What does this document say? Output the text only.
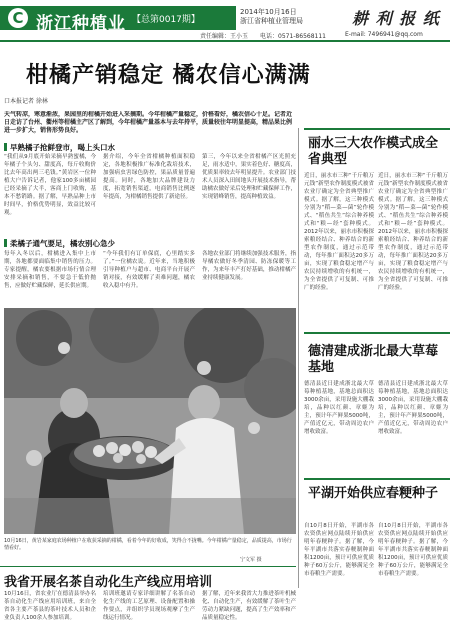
C 浙江种植业 【总第0017期】
2014年10月16日
浙江省种植业管理局	耕 利 报 纸
责任编辑：王小玉 电话：0571-86568111	E-mail: 7496941@qq.com
柑橘产销稳定 橘农信心满满
口本报记者 徐林
天气转凉，寒意渐浓，果园里的柑橘开始进入采摘期。今年柑橘产量稳定，价格看好，橘农信心十足。记者近日走访了台州、衢州等柑橘主产区了解到，今年柑橘产量基本与去年持平，质量较往年明显提高，精品果比例进一步扩大，销售形势良好。
早熟橘子抢鲜登市，喝上头口水
“我们从9月底开始采摘早熟蜜橘，今年橘子个头匀、甜度高，每斤收购价比去年高出两三毛钱。”黄岩区一位种植大户告诉记者，他家100多亩橘园已经采摘了大半，客商上门收购，基本不愁销路。据了解，早熟品种上市时间早，价格优势明显，效益比较可观。
据介绍，今年全省柑橘种植面积稳定，各地积极推广标准化栽培技术，加强病虫害绿色防控，果品质量普遍提高。同时，各地加大品牌建设力度，拓宽销售渠道，电商销售比例逐年提高，为柑橘销售提供了新途径。
第三，今年以来全省柑橘产区光照充足，雨水适中，果实着色好、糖度高，优质果率较去年明显提升。农业部门技术人员深入田间地头开展技术指导，帮助橘农做好采后处理和贮藏保鲜工作，实现错峰销售，提高种植效益。
柔橘子通气要足，橘农别心急少
每年入冬以后，柑橘进入集中上市期，各地都要面临集中销售的压力。专家提醒，橘农要根据市场行情合理安排采摘和销售，不要急于低价抛售，应做好贮藏保鲜，延长供应期。
“今年我们有订单保底，心里踏实多了。”一位橘农说。近年来，当地积极引导种植户与超市、电商平台开展产销对接，有效缓解了卖难问题，橘农收入稳中有升。
各地农业部门将继续加强技术服务，指导橘农做好冬季清园、防冻保暖等工作，为来年丰产打好基础，推动柑橘产业持续健康发展。
10月16日，黄岩某家庭农场种植户在收获采摘的柑橘，看着今年的好收成，笑得合不拢嘴。今年柑橘产量稳定，品质提高，市场行情看好。
宁文军 摄
丽水三大农作模式成全省典型
近日，丽水市三种“千斤粮万元钱”新型农作制度模式被省农业厅确定为全省典型推广模式。据了解，这三种模式分别为“稻—菜—菌”轮作模式、“稻鱼共生”综合种养模式和“粮—经”套种模式。2012年以来，丽水市积极探索粮经结合、种养结合的新型农作制度，通过示范带动，每年推广面积达20多万亩，实现了粮食稳定增产与农民持续增收的有机统一，为全省提供了可复制、可推广的经验。
近日，丽水市三种“千斤粮万元钱”新型农作制度模式被省农业厅确定为全省典型推广模式。据了解，这三种模式分别为“稻—菜—菌”轮作模式、“稻鱼共生”综合种养模式和“粮—经”套种模式。2012年以来，丽水市积极探索粮经结合、种养结合的新型农作制度，通过示范带动，每年推广面积达20多万亩，实现了粮食稳定增产与农民持续增收的有机统一，为全省提供了可复制、可推广的经验。
德清建成浙北最大草莓基地
德清县近日建成浙北最大草莓种植基地，基地总面积达3000余亩，采用设施大棚栽培，品种以红颜、章姬为主，预计年产鲜果5000吨，产值近亿元，带动周边农户增收致富。
德清县近日建成浙北最大草莓种植基地，基地总面积达3000余亩，采用设施大棚栽培，品种以红颜、章姬为主，预计年产鲜果5000吨，产值近亿元，带动周边农户增收致富。
平湖开始供应春粳种子
自10月8日开始，平湖市各农资供应网点陆续开始供应明年春粳种子。据了解，今年平湖市共落实春粳制种面积1200亩，预计可供应优质种子60万公斤，能够满足全市春粮生产需要。
自10月8日开始，平湖市各农资供应网点陆续开始供应明年春粳种子。据了解，今年平湖市共落实春粳制种面积1200亩，预计可供应优质种子60万公斤，能够满足全市春粮生产需要。
我省开展名茶自动化生产线应用培训
10月16日，省农业厅在德清县举办名茶自动化生产线应用培训班，来自全省各主要产茶县的茶叶技术人员和企业负责人100余人参加培训。
培训班邀请专家详细讲解了名茶自动化生产线的工艺原理、设备配置和操作要点，并组织学员现场观摩了生产线运行情况。
据了解，近年来我省大力推进茶叶机械化、自动化生产，有效缓解了茶叶生产劳动力紧缺问题，提高了生产效率和产品质量稳定性。
